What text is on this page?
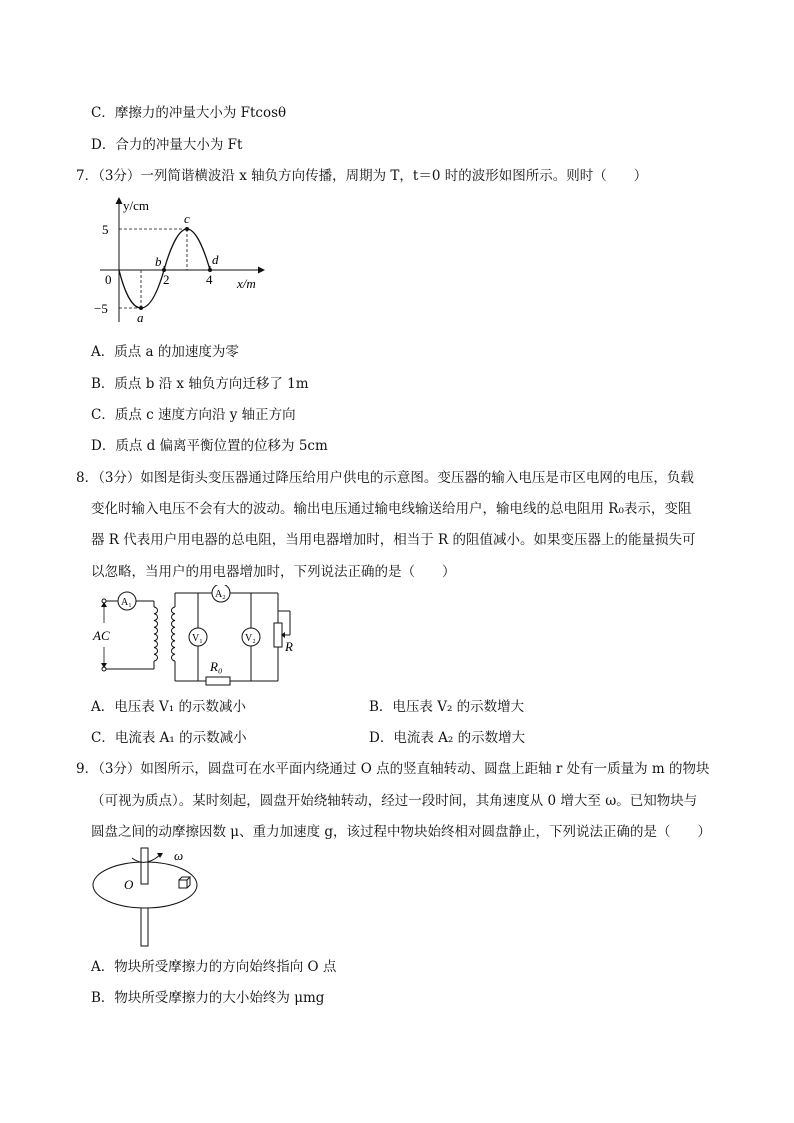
C．摩擦力的冲量大小为 Ftcosθ
D．合力的冲量大小为 Ft
7．（3分）一列简谐横波沿 x 轴负方向传播，周期为 T，t＝0 时的波形如图所示。则时（　　）
y/cm
x/m
5
−5
0	2	4
a
b
c
d
A．质点 a 的加速度为零
B．质点 b 沿 x 轴负方向迁移了 1m
C．质点 c 速度方向沿 y 轴正方向
D．质点 d 偏离平衡位置的位移为 5cm
8．（3分）如图是街头变压器通过降压给用户供电的示意图。变压器的输入电压是市区电网的电压，负载
变化时输入电压不会有大的波动。输出电压通过输电线输送给用户，输电线的总电阻用 R₀表示，变阻
器 R 代表用户用电器的总电阻，当用电器增加时，相当于 R 的阻值减小。如果变压器上的能量损失可
以忽略，当用户的用电器增加时，下列说法正确的是（　　）
AC
A₁
A₂
V₁	V₂
R₀
R
A．电压表 V₁ 的示数减小	B．电压表 V₂ 的示数增大
C．电流表 A₁ 的示数减小	D．电流表 A₂ 的示数增大
9．（3分）如图所示，圆盘可在水平面内绕通过 O 点的竖直轴转动、圆盘上距轴 r 处有一质量为 m 的物块
（可视为质点）。某时刻起，圆盘开始绕轴转动，经过一段时间，其角速度从 0 增大至 ω。已知物块与
圆盘之间的动摩擦因数 μ、重力加速度 g，该过程中物块始终相对圆盘静止，下列说法正确的是（　　）
ω
O
A．物块所受摩擦力的方向始终指向 O 点
B．物块所受摩擦力的大小始终为 μmg
